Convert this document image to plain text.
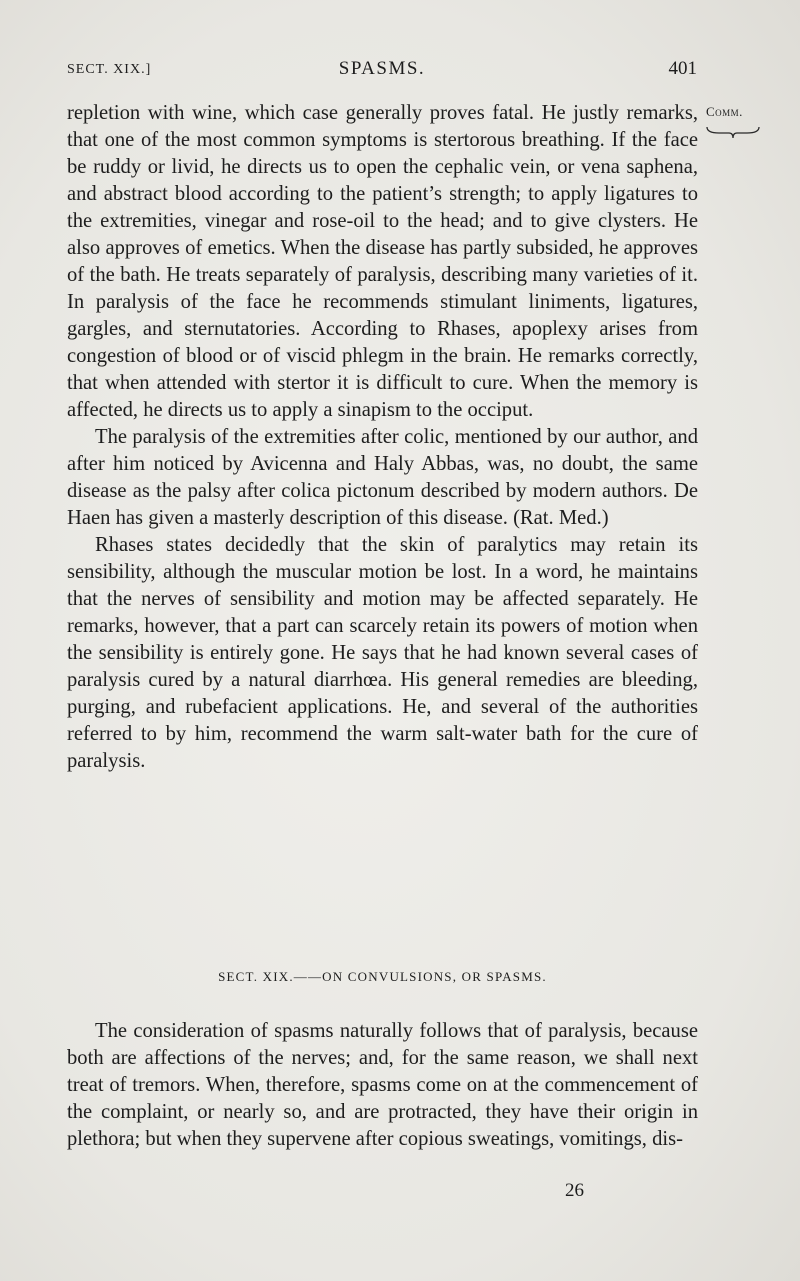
SECT. XIX.]	SPASMS.	401
Comm.

repletion with wine, which case generally proves fatal. He justly remarks, that one of the most common symptoms is stertorous breathing. If the face be ruddy or livid, he directs us to open the cephalic vein, or vena saphena, and abstract blood according to the patient’s strength; to apply ligatures to the extremities, vinegar and rose-oil to the head; and to give clysters. He also approves of emetics. When the disease has partly subsided, he approves of the bath. He treats separately of paralysis, describing many varieties of it. In paralysis of the face he recommends stimulant liniments, ligatures, gargles, and sternutatories. According to Rhases, apoplexy arises from congestion of blood or of viscid phlegm in the brain. He remarks correctly, that when attended with stertor it is difficult to cure. When the memory is affected, he directs us to apply a sinapism to the occiput.

The paralysis of the extremities after colic, mentioned by our author, and after him noticed by Avicenna and Haly Abbas, was, no doubt, the same disease as the palsy after colica pictonum described by modern authors. De Haen has given a masterly description of this disease. (Rat. Med.)

Rhases states decidedly that the skin of paralytics may retain its sensibility, although the muscular motion be lost. In a word, he maintains that the nerves of sensibility and motion may be affected separately. He remarks, however, that a part can scarcely retain its powers of motion when the sensibility is entirely gone. He says that he had known several cases of paralysis cured by a natural diarrhœa. His general remedies are bleeding, purging, and rubefacient applications. He, and several of the authorities referred to by him, recommend the warm salt-water bath for the cure of paralysis.

SECT. XIX.——ON CONVULSIONS, OR SPASMS.

The consideration of spasms naturally follows that of paralysis, because both are affections of the nerves; and, for the same reason, we shall next treat of tremors. When, therefore, spasms come on at the commencement of the complaint, or nearly so, and are protracted, they have their origin in plethora; but when they supervene after copious sweatings, vomitings, dis-

26
